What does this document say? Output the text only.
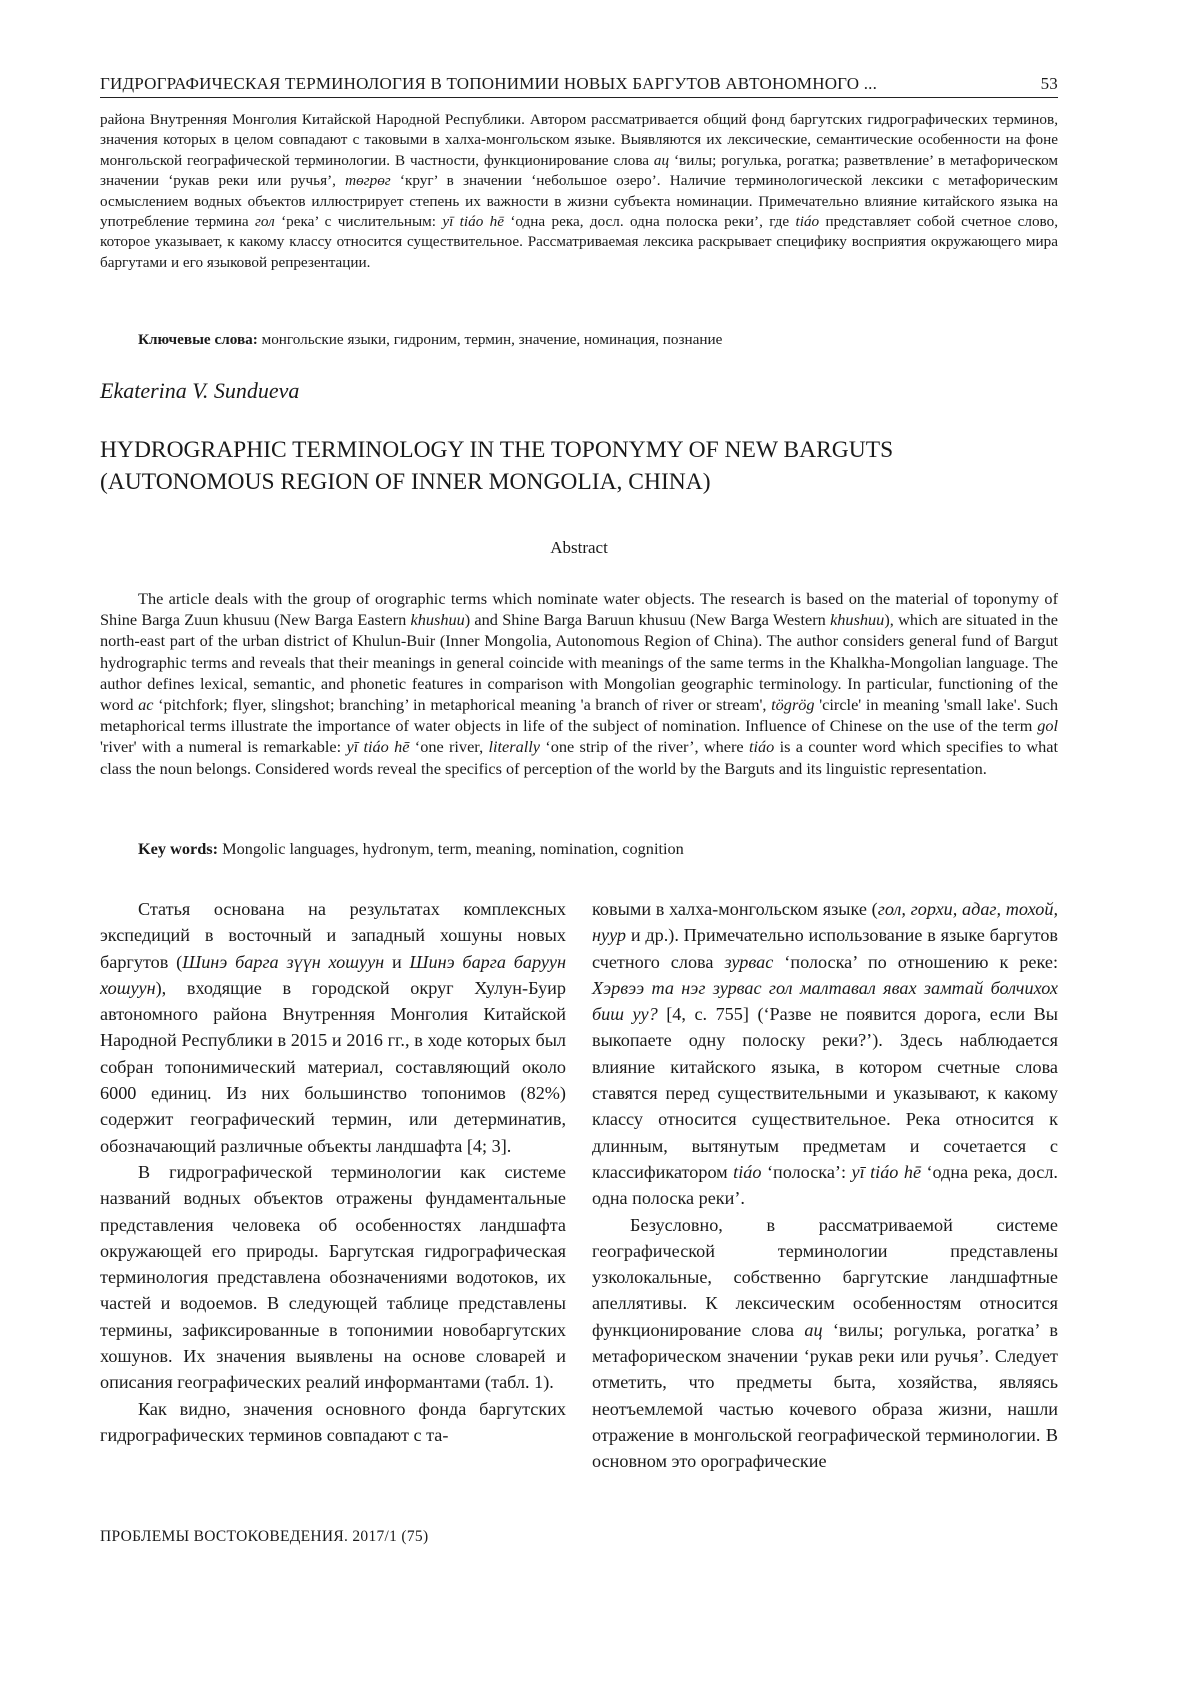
ГИДРОГРАФИЧЕСКАЯ ТЕРМИНОЛОГИЯ В ТОПОНИМИИ НОВЫХ БАРГУТОВ АВТОНОМНОГО ...	53

района Внутренняя Монголия Китайской Народной Республики. Автором рассматривается общий фонд баргутских гидрографических терминов, значения которых в целом совпадают с таковыми в халха-монгольском языке. Выявляются их лексические, семантические особенности на фоне монгольской географической терминологии. В частности, функционирование слова ац ‘вилы; рогулька, рогатка; разветвление’ в метафорическом значении ‘рукав реки или ручья’, төгрөг ‘круг’ в значении ‘небольшое озеро’. Наличие терминологической лексики с метафорическим осмыслением водных объектов иллюстрирует степень их важности в жизни субъекта номинации. Примечательно влияние китайского языка на употребление термина гол ‘река’ с числительным: yī tiáo hē ‘одна река, досл. одна полоска реки’, где tiáo представляет собой счетное слово, которое указывает, к какому классу относится существительное. Рассматриваемая лексика раскрывает специфику восприятия окружающего мира баргутами и его языковой репрезентации.

Ключевые слова: монгольские языки, гидроним, термин, значение, номинация, познание
Ekaterina V. Sundueva
HYDROGRAPHIC TERMINOLOGY IN THE TOPONYMY OF NEW BARGUTS
(AUTONOMOUS REGION OF INNER MONGOLIA, CHINA)
Abstract

The article deals with the group of orographic terms which nominate water objects. The research is based on the material of toponymy of Shine Barga Zuun khusuu (New Barga Eastern khushuu) and Shine Barga Baruun khusuu (New Barga Western khushuu), which are situated in the north-east part of the urban district of Khulun-Buir (Inner Mongolia, Autonomous Region of China). The author considers general fund of Bargut hydrographic terms and reveals that their meanings in general coincide with meanings of the same terms in the Khalkha-Mongolian language. The author defines lexical, semantic, and phonetic features in comparison with Mongolian geographic terminology. In particular, functioning of the word ac ‘pitchfork; flyer, slingshot; branching’ in metaphorical meaning 'a branch of river or stream', tögrög 'circle' in meaning 'small lake'. Such metaphorical terms illustrate the importance of water objects in life of the subject of nomination. Influence of Chinese on the use of the term gol 'river' with a numeral is remarkable: yī tiáo hē ‘one river, literally ‘one strip of the river’, where tiáo is a counter word which specifies to what class the noun belongs. Considered words reveal the specifics of perception of the world by the Barguts and its linguistic representation.

Key words: Mongolic languages, hydronym, term, meaning, nomination, cognition

Статья основана на результатах комплексных экспедиций в восточный и западный хошуны новых баргутов (Шинэ барга зүүн хошуун и Шинэ барга баруун хошуун), входящие в городской округ Хулун-Буир автономного района Внутренняя Монголия Китайской Народной Республики в 2015 и 2016 гг., в ходе которых был собран топонимический материал, составляющий около 6000 единиц. Из них большинство топонимов (82%) содержит географический термин, или детерминатив, обозначающий различные объекты ландшафта [4; 3].

В гидрографической терминологии как системе названий водных объектов отражены фундаментальные представления человека об особенностях ландшафта окружающей его природы. Баргутская гидрографическая терминология представлена обозначениями водотоков, их частей и водоемов. В следующей таблице представлены термины, зафиксированные в топонимии новобаргутских хошунов. Их значения выявлены на основе словарей и описания географических реалий информантами (табл. 1).

Как видно, значения основного фонда баргутских гидрографических терминов совпадают с та-

ковыми в халха-монгольском языке (гол, горхи, адаг, тохой, нуур и др.). Примечательно использование в языке баргутов счетного слова зурвас ‘полоска’ по отношению к реке: Хэрвээ та нэг зурвас гол малтавал явах замтай болчихох биш уу? [4, с. 755] (‘Разве не появится дорога, если Вы выкопаете одну полоску реки?’). Здесь наблюдается влияние китайского языка, в котором счетные слова ставятся перед существительными и указывают, к какому классу относится существительное. Река относится к длинным, вытянутым предметам и сочетается с классификатором tiáo ‘полоска’: yī tiáo hē ‘одна река, досл. одна полоска реки’.

Безусловно, в рассматриваемой системе географической терминологии представлены узколокальные, собственно баргутские ландшафтные апеллятивы. К лексическим особенностям относится функционирование слова ац ‘вилы; рогулька, рогатка’ в метафорическом значении ‘рукав реки или ручья’. Следует отметить, что предметы быта, хозяйства, являясь неотъемлемой частью кочевого образа жизни, нашли отражение в монгольской географической терминологии. В основном это орографические

ПРОБЛЕМЫ ВОСТОКОВЕДЕНИЯ. 2017/1 (75)
